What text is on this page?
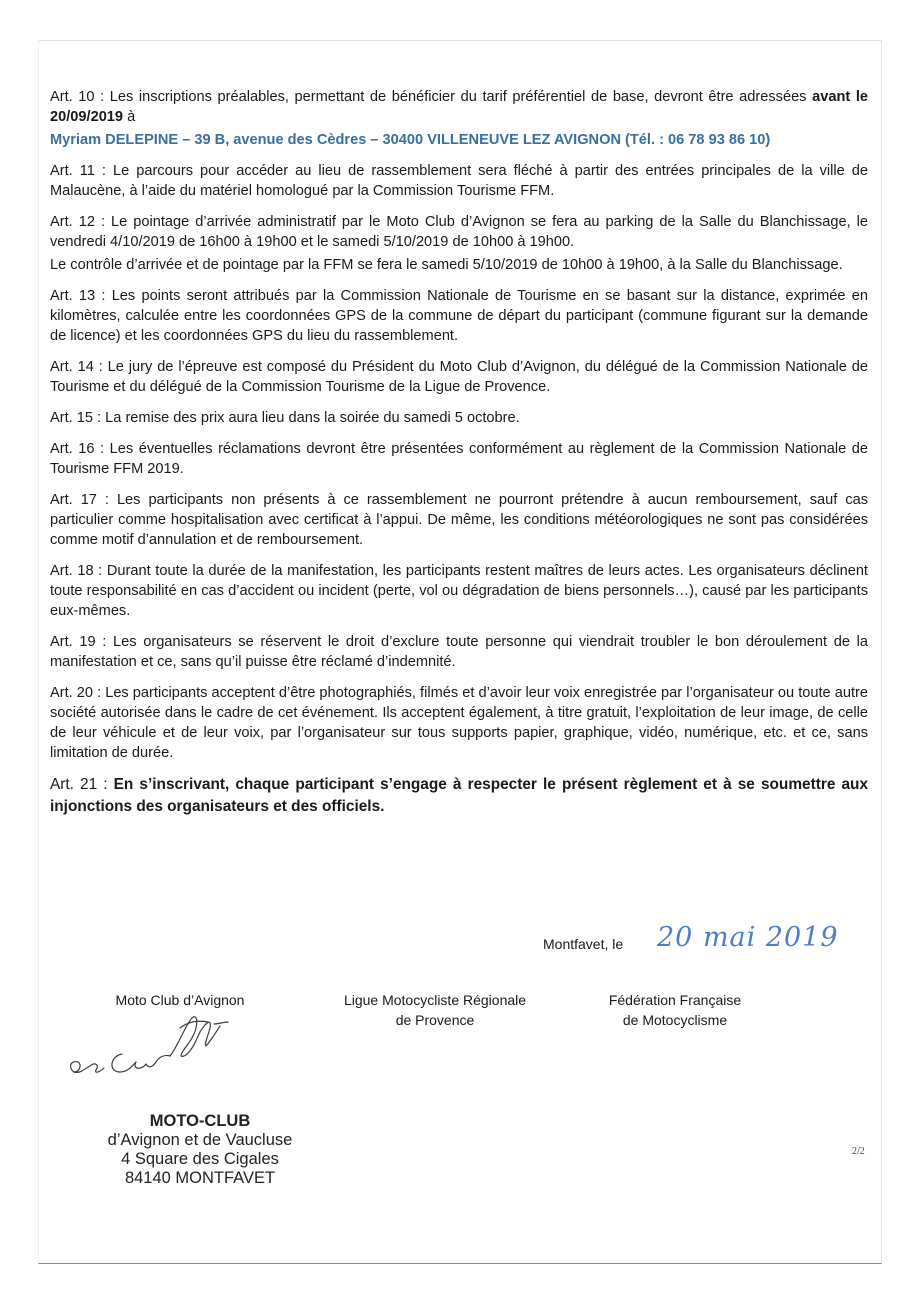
Art. 10 : Les inscriptions préalables, permettant de bénéficier du tarif préférentiel de base, devront être adressées avant le 20/09/2019 à

Myriam DELEPINE – 39 B, avenue des Cèdres – 30400 VILLENEUVE LEZ AVIGNON (Tél. : 06 78 93 86 10)

Art. 11 : Le parcours pour accéder au lieu de rassemblement sera fléché à partir des entrées principales de la ville de Malaucène, à l’aide du matériel homologué par la Commission Tourisme FFM.

Art. 12 : Le pointage d’arrivée administratif par le Moto Club d’Avignon se fera au parking de la Salle du Blanchissage, le vendredi 4/10/2019 de 16h00 à 19h00 et le samedi 5/10/2019 de 10h00 à 19h00.

Le contrôle d’arrivée et de pointage par la FFM se fera le samedi 5/10/2019 de 10h00 à 19h00, à la Salle du Blanchissage.

Art. 13 : Les points seront attribués par la Commission Nationale de Tourisme en se basant sur la distance, exprimée en kilomètres, calculée entre les coordonnées GPS de la commune de départ du participant (commune figurant sur la demande de licence) et les coordonnées GPS du lieu du rassemblement.

Art. 14 : Le jury de l’épreuve est composé du Président du Moto Club d’Avignon, du délégué de la Commission Nationale de Tourisme et du délégué de la Commission Tourisme de la Ligue de Provence.

Art. 15 : La remise des prix aura lieu dans la soirée du samedi 5 octobre.

Art. 16 : Les éventuelles réclamations devront être présentées conformément au règlement de la Commission Nationale de Tourisme FFM 2019.

Art. 17 : Les participants non présents à ce rassemblement ne pourront prétendre à aucun remboursement, sauf cas particulier comme hospitalisation avec certificat à l’appui. De même, les conditions météorologiques ne sont pas considérées comme motif d’annulation et de remboursement.

Art. 18 : Durant toute la durée de la manifestation, les participants restent maîtres de leurs actes. Les organisateurs déclinent toute responsabilité en cas d’accident ou incident (perte, vol ou dégradation de biens personnels…), causé par les participants eux-mêmes.

Art. 19 : Les organisateurs se réservent le droit d’exclure toute personne qui viendrait troubler le bon déroulement de la manifestation et ce, sans qu’il puisse être réclamé d’indemnité.

Art. 20 : Les participants acceptent d’être photographiés, filmés et d’avoir leur voix enregistrée par l’organisateur ou toute autre société autorisée dans le cadre de cet événement. Ils acceptent également, à titre gratuit, l’exploitation de leur image, de celle de leur véhicule et de leur voix, par l’organisateur sur tous supports papier, graphique, vidéo, numérique, etc. et ce, sans limitation de durée.

Art. 21 : En s’inscrivant, chaque participant s’engage à respecter le présent règlement et à se soumettre aux injonctions des organisateurs et des officiels.

Montfavet, le 20 mai 2019
Moto Club d’Avignon	Ligue Motocycliste Régionale
de Provence
Fédération Française
de Motocyclisme
MOTO-CLUB
d’Avignon et de Vaucluse
4 Square des Cigales
84140 MONTFAVET
2/2
